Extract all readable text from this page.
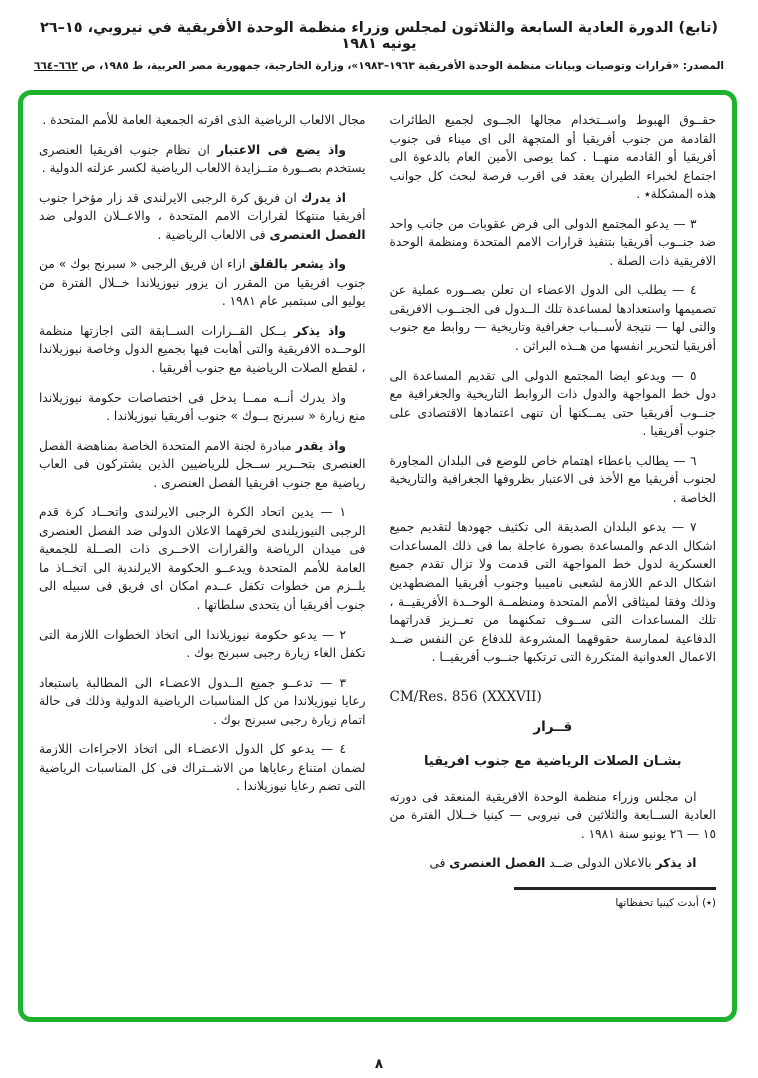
(تابع) الدورة العادية السابعة والثلاثون لمجلس وزراء منظمة الوحدة الأفريقية في نيروبي، ١٥–٢٦ يونيه ١٩٨١
المصدر: «قرارات وتوصيات وبيانات منظمة الوحدة الأفريقية ١٩٦٣–١٩٨٣»، وزارة الخارجية، جمهورية مصر العربية، ط ١٩٨٥، ص ٦٦٢–٦٦٤

حقــوق الهبوط واســتخدام مجالها الجــوى لجميع الطائرات القادمة من جنوب أفريقيا أو المتجهة الى اى ميناء فى جنوب أفريقيا أو القادمه منهــا . كما يوصى الأمين العام بالدعوة الى اجتماع لخبراء الطيران يعقد فى اقرب فرصة لبحث كل جوانب هذه المشكلة٭ .

٣ — يدعو المجتمع الدولى الى فرض عقوبات من جانب واحد ضد جنــوب أفريقيا بتنفيذ قرارات الامم المتحدة ومنظمة الوحدة الافريقية ذات الصلة .

٤ — يطلب الى الدول الاعضاء ان تعلن بصــوره عملية عن تصميمها واستعدادها لمساعدة تلك الــدول فى الجنــوب الافريقى والتى لها — نتيجة لأســباب جغرافية وتاريخية — روابط مع جنوب أفريقيا لتحرير انفسها من هــذه البراثن .

٥ — ويدعو ايضا المجتمع الدولى الى تقديم المساعدة الى دول خط المواجهة والدول ذات الروابط التاريخية والجغرافية مع جنــوب أفريقيا حتى يمــكنها أن تنهى اعتمادها الاقتصادى على جنوب أفريقيا .

٦ — يطالب باعطاء اهتمام خاص للوضع فى البلدان المجاورة لجنوب أفريقيا مع الأخذ فى الاعتبار بظروفها الجغرافية والتاريخية الخاصة .

٧ — يدعو البلدان الصديقة الى تكثيف جهودها لتقديم جميع اشكال الدعم والمساعدة بصورة عاجلة بما فى ذلك المساعدات العسكرية لدول خط المواجهة التى قدمت ولا تزال تقدم جميع اشكال الدعم اللازمة لشعبى ناميبيا وجنوب أفريقيا المضطهدين وذلك وفقا لميثاقى الأمم المتحدة ومنظمــة الوحــدة الأفريقيــة ، تلك المساعدات التى ســوف تمكنهما من تعــزيز قدراتهما الدفاعية لممارسة حقوقهما المشروعة للدفاع عن النفس ضــد الاعمال العدوانية المتكررة التى ترتكبها جنــوب أفريقيــا .

CM/Res. 856 (XXXVII)

قــرار
بشـان الصلات الرياضية مع جنوب افريقيا

ان مجلس وزراء منظمة الوحدة الافريقية المنعقد فى دورته العادية الســابعة والثلاثين فى نيروبى — كينيا خــلال الفترة من ١٥ — ٢٦ يونيو سنة ١٩٨١ .

اذ يذكر بالاعلان الدولى ضــد الفصل العنصرى فى

(٭) أبدت كينيا تحفظاتها

مجال الالعاب الرياضية الذى اقرته الجمعية العامة للأمم المتحدة .

واذ يضع فى الاعتبار ان نظام جنوب افريقيا العنصرى يستخدم بصــورة متــزايدة الالعاب الرياضية لكسر عزلته الدولية .

اذ يدرك ان فريق كرة الرجبى الايرلندى قد زار مؤخرا جنوب أفريقيا منتهكا لقرارات الامم المتحدة ، والاعــلان الدولى ضد الفصل العنصرى فى الالعاب الرياضية .

واذ يشعر بالقلق ازاء ان فريق الرجبى « سبرنج بوك » من جنوب افريقيا من المقرر ان يزور نيوزيلاندا خــلال الفترة من يوليو الى سبتمبر عام ١٩٨١ .

واذ يذكر بــكل القــرارات الســابقة التى اجازتها منظمة الوحــده الافريقية والتى أهابت فيها بجميع الدول وخاصة نيوزيلاندا ، لقطع الصلات الرياضية مع جنوب أفريقيا .

واذ يدرك أنــه ممــا يدخل فى اختصاصات حكومة نيوزيلاندا منع زيارة « سبرنج بــوك » جنوب أفريقيا نيوزيلاندا .

واذ يقدر مبادرة لجنة الامم المتحدة الخاصة بمناهضة الفصل العنصرى بتحــرير ســجل للرياضيين الذين يشتركون فى العاب رياضية مع جنوب افريقيا الفصل العنصرى .

١ — يدين اتحاد الكرة الرجبى الايرلندى واتحــاد كرة قدم الرجبى النيوزيلندى لخرقهما الاعلان الدولى ضد الفصل العنصرى فى ميدان الرياضة والقرارات الاخــرى ذات الصــلة للجمعية العامة للأمم المتحدة ويدعــو الحكومة الايرلندية الى اتخــاذ ما يلــزم من خطوات تكفل عــدم امكان اى فريق فى سبيله الى جنوب أفريقيا أن يتحدى سلطاتها .

٢ — يدعو حكومة نيوزيلاندا الى اتخاذ الخطوات اللازمة التى تكفل الغاء زيارة رجبى سبرنج بوك .

٣ — تدعــو جميع الــدول الاعضـاء الى المطالبة باستبعاد رعايا نيوزيلاندا من كل المناسبات الرياضية الدولية وذلك فى حالة اتمام زيارة رجبى سبرنج بوك .

٤ — يدعو كل الدول الاعضـاء الى اتخاذ الاجراءات اللازمة لضمان امتناع رعاياها من الاشــتراك فى كل المناسبات الرياضية التى تضم رعايا نيوزيلاندا .

٨
